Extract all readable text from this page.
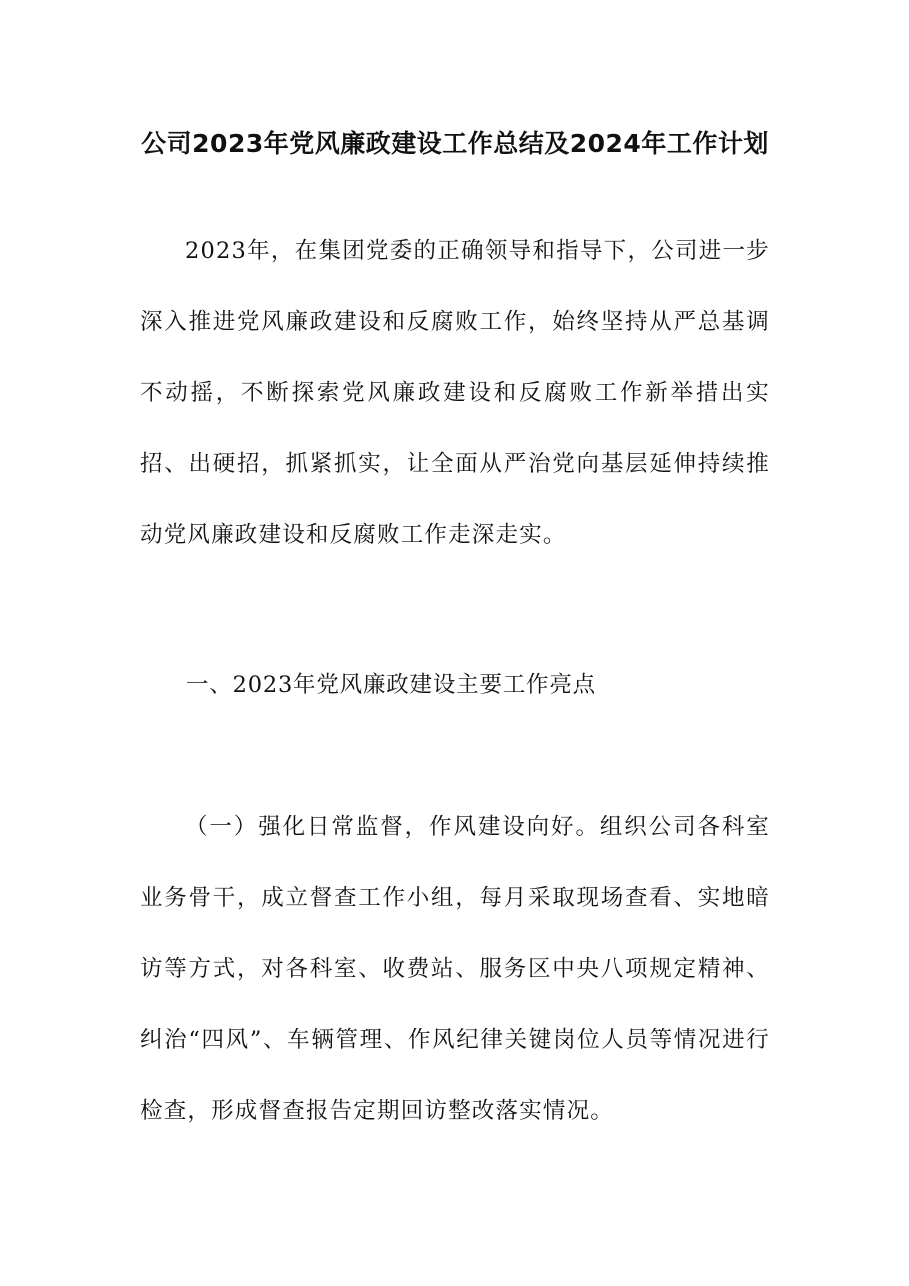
公司2023年党风廉政建设工作总结及2024年工作计划

2023年，在集团党委的正确领导和指导下，公司进一步深入推进党风廉政建设和反腐败工作，始终坚持从严总基调不动摇，不断探索党风廉政建设和反腐败工作新举措出实招、出硬招，抓紧抓实，让全面从严治党向基层延伸持续推动党风廉政建设和反腐败工作走深走实。

一、2023年党风廉政建设主要工作亮点

（一）强化日常监督，作风建设向好。组织公司各科室业务骨干，成立督查工作小组，每月采取现场查看、实地暗访等方式，对各科室、收费站、服务区中央八项规定精神、纠治“四风”、车辆管理、作风纪律关键岗位人员等情况进行检查，形成督查报告定期回访整改落实情况。
